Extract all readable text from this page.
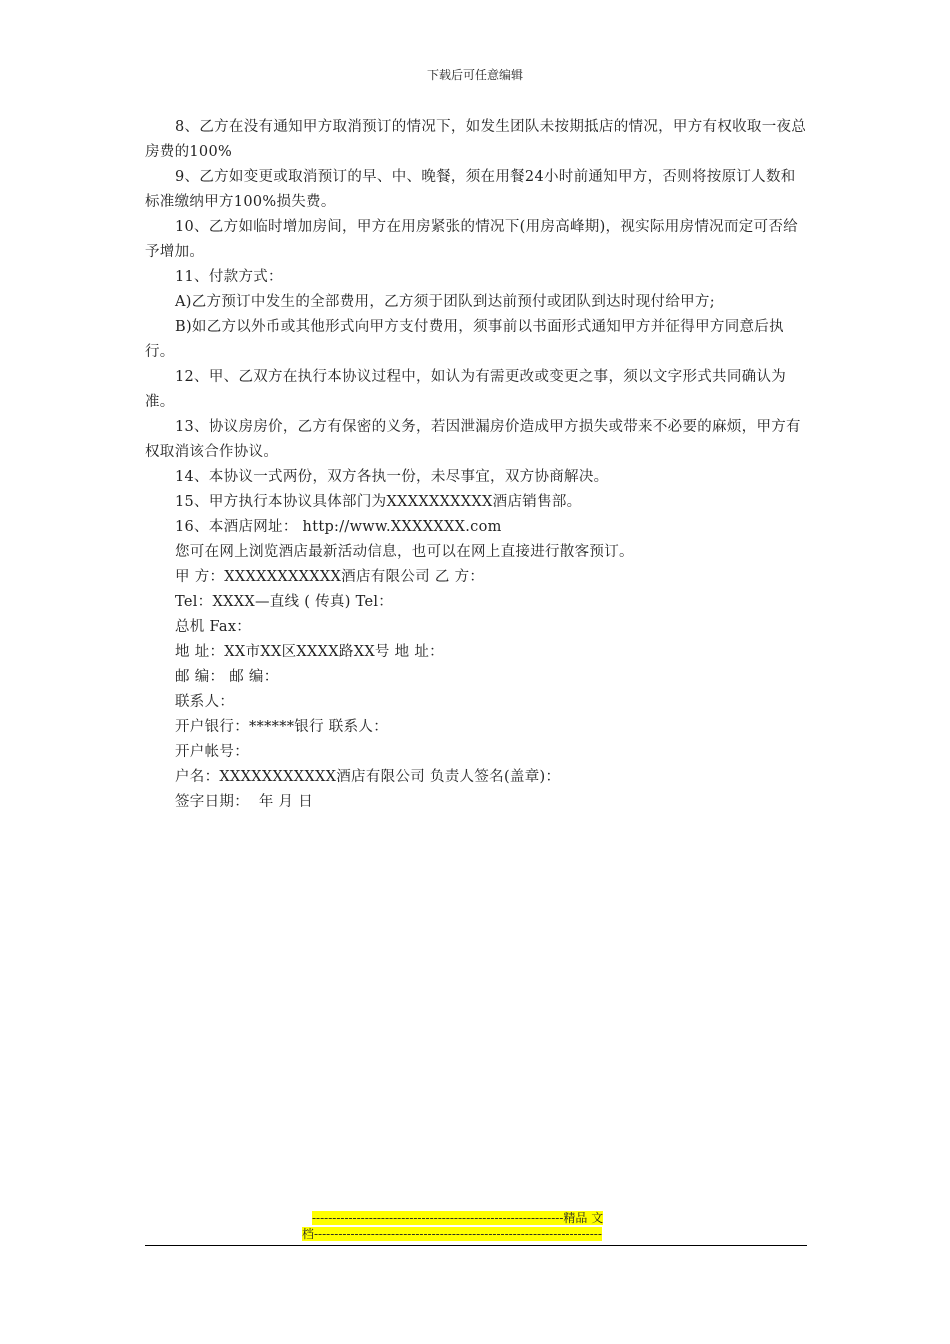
下载后可任意编辑

8、乙方在没有通知甲方取消预订的情况下，如发生团队未按期抵店的情况，甲方有权收取一夜总房费的100%

9、乙方如变更或取消预订的早、中、晚餐，须在用餐24小时前通知甲方，否则将按原订人数和标准缴纳甲方100%损失费。

10、乙方如临时增加房间，甲方在用房紧张的情况下(用房高峰期)，视实际用房情况而定可否给予增加。

11、付款方式：

A)乙方预订中发生的全部费用，乙方须于团队到达前预付或团队到达时现付给甲方;

B)如乙方以外币或其他形式向甲方支付费用，须事前以书面形式通知甲方并征得甲方同意后执行。

12、甲、乙双方在执行本协议过程中，如认为有需更改或变更之事，须以文字形式共同确认为准。

13、协议房房价，乙方有保密的义务，若因泄漏房价造成甲方损失或带来不必要的麻烦，甲方有权取消该合作协议。

14、本协议一式两份，双方各执一份，未尽事宜，双方协商解决。

15、甲方执行本协议具体部门为XXXXXXXXXX酒店销售部。

16、本酒店网址： http://www.XXXXXXX.com

您可在网上浏览酒店最新活动信息，也可以在网上直接进行散客预订。

甲 方：XXXXXXXXXXX酒店有限公司 乙 方：

Tel：XXXX—直线 ( 传真) Tel：

总机 Fax：

地 址：XX市XX区XXXX路XX号 地 址：

邮 编： 邮 编：

联系人：

开户银行：******银行 联系人：

开户帐号：

户名：XXXXXXXXXXX酒店有限公司 负责人签名(盖章)：

签字日期：  年 月 日

--------------------------------------------------------------精品 文
档-----------------------------------------------------------------------
